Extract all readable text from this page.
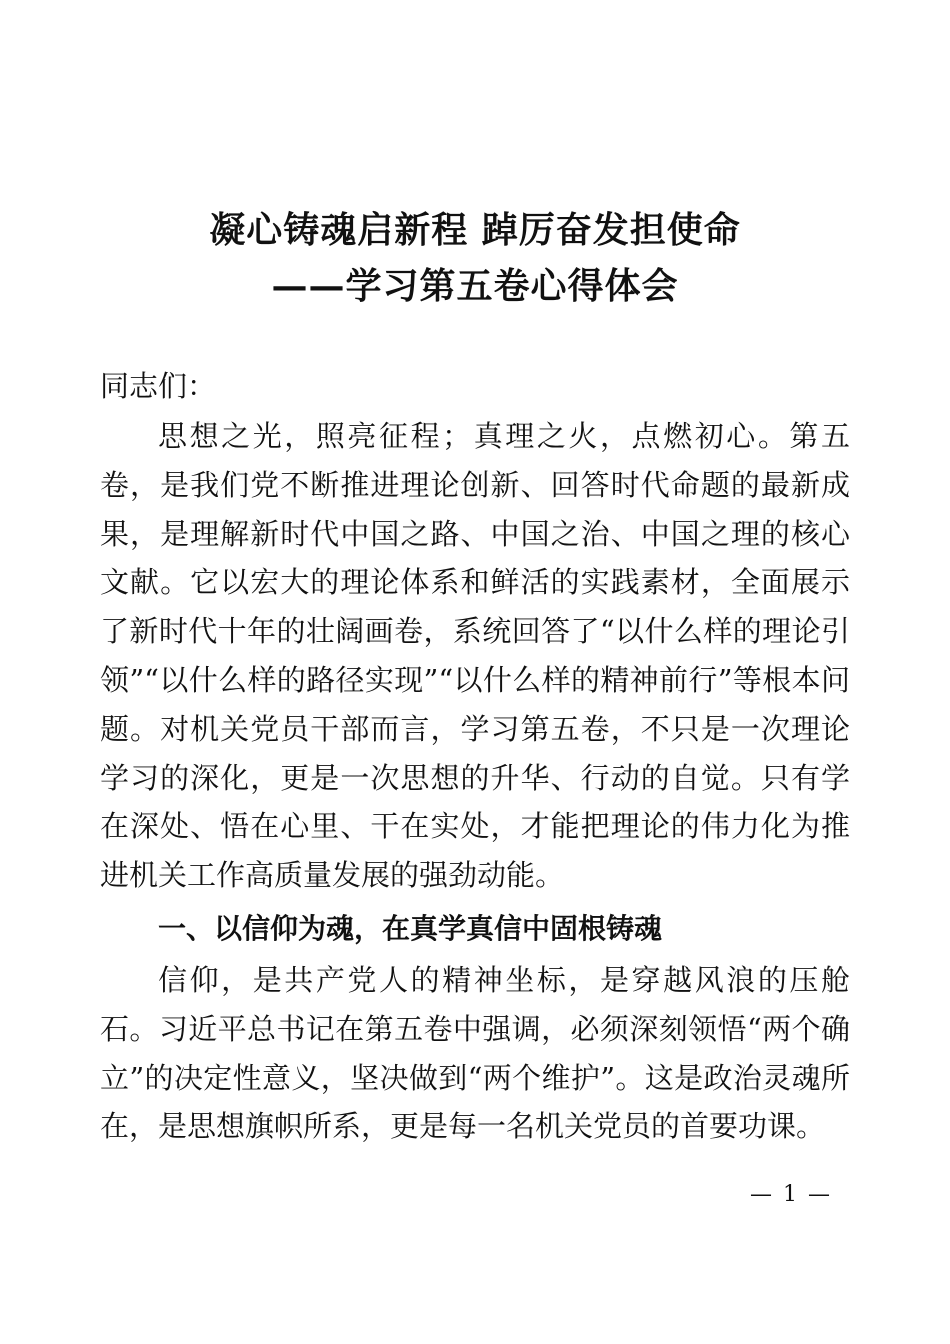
凝心铸魂启新程 踔厉奋发担使命
——学习第五卷心得体会
同志们：
思想之光，照亮征程；真理之火，点燃初心。第五卷，是我们党不断推进理论创新、回答时代命题的最新成果，是理解新时代中国之路、中国之治、中国之理的核心文献。它以宏大的理论体系和鲜活的实践素材，全面展示了新时代十年的壮阔画卷，系统回答了“以什么样的理论引领”“以什么样的路径实现”“以什么样的精神前行”等根本问题。对机关党员干部而言，学习第五卷，不只是一次理论学习的深化，更是一次思想的升华、行动的自觉。只有学在深处、悟在心里、干在实处，才能把理论的伟力化为推进机关工作高质量发展的强劲动能。
一、以信仰为魂，在真学真信中固根铸魂
信仰，是共产党人的精神坐标，是穿越风浪的压舱石。习近平总书记在第五卷中强调，必须深刻领悟“两个确立”的决定性意义，坚决做到“两个维护”。这是政治灵魂所在，是思想旗帜所系，更是每一名机关党员的首要功课。
— 1 —
